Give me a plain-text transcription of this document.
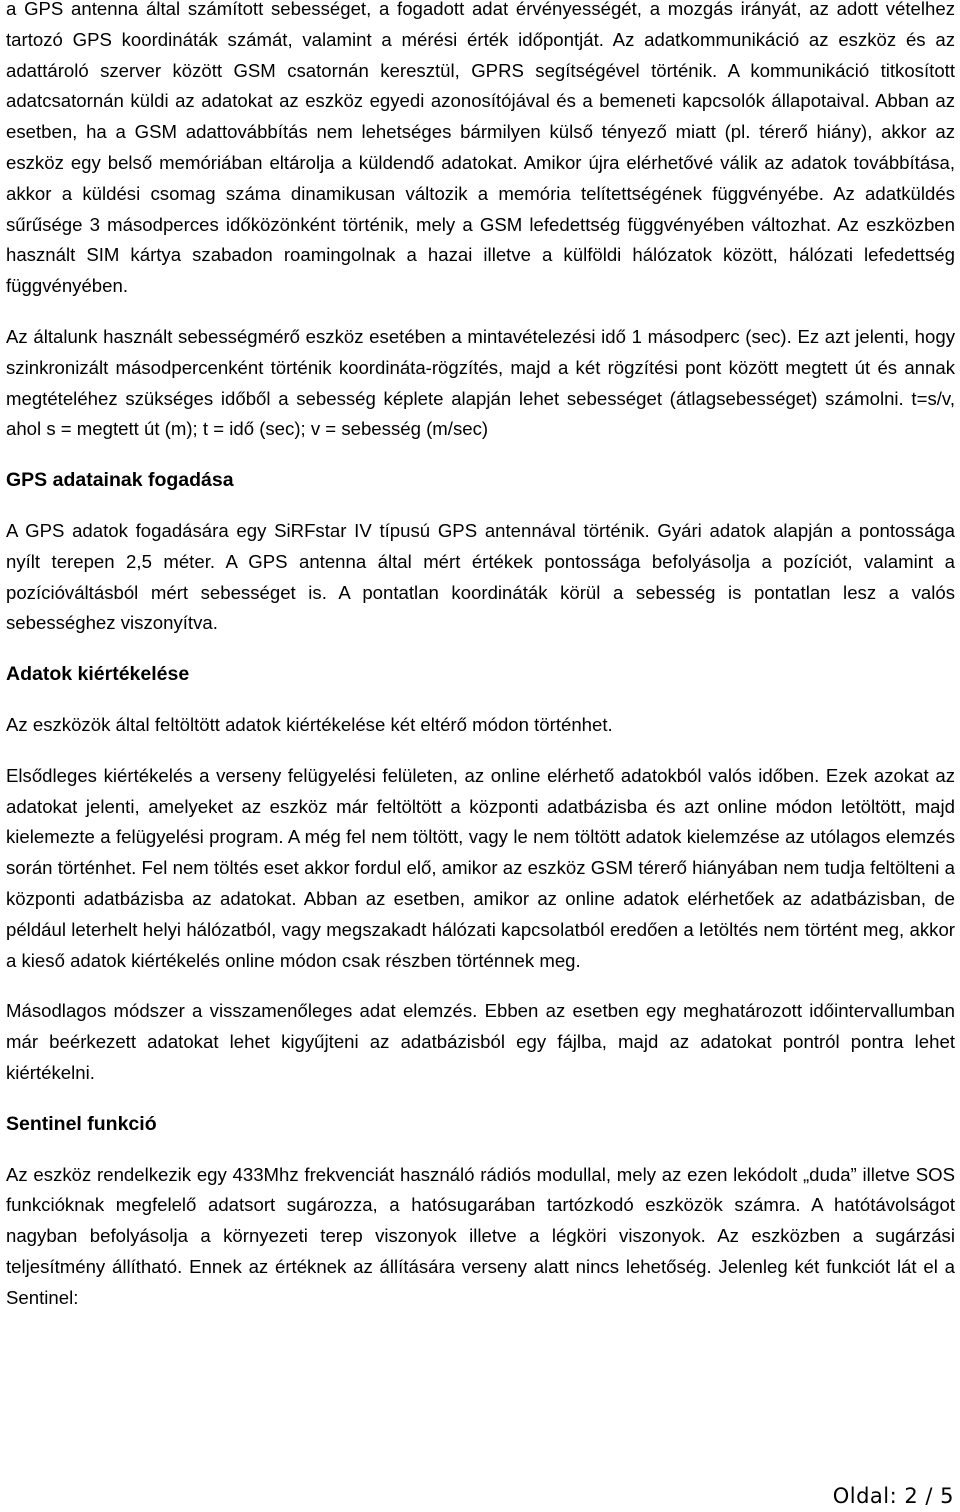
a GPS antenna által számított sebességet, a fogadott adat érvényességét, a mozgás irányát, az adott vételhez tartozó GPS koordináták számát, valamint a mérési érték időpontját. Az adatkommunikáció az eszköz és az adattároló szerver között GSM csatornán keresztül, GPRS segítségével történik. A kommunikáció titkosított adatcsatornán küldi az adatokat az eszköz egyedi azonosítójával és a bemeneti kapcsolók állapotaival. Abban az esetben, ha a GSM adattovábbítás nem lehetséges bármilyen külső tényező miatt (pl. térerő hiány), akkor az eszköz egy belső memóriában eltárolja a küldendő adatokat. Amikor újra elérhetővé válik az adatok továbbítása, akkor a küldési csomag száma dinamikusan változik a memória telítettségének függvényébe. Az adatküldés sűrűsége 3 másodperces időközönként történik, mely a GSM lefedettség függvényében változhat. Az eszközben használt SIM kártya szabadon roamingolnak a hazai illetve a külföldi hálózatok között, hálózati lefedettség függvényében.

Az általunk használt sebességmérő eszköz esetében a mintavételezési idő 1 másodperc (sec). Ez azt jelenti, hogy szinkronizált másodpercenként történik koordináta-rögzítés, majd a két rögzítési pont között megtett út és annak megtételéhez szükséges időből a sebesség képlete alapján lehet sebességet (átlagsebességet) számolni. t=s/v, ahol s = megtett út (m); t = idő (sec); v = sebesség (m/sec)

GPS adatainak fogadása

A GPS adatok fogadására egy SiRFstar IV típusú GPS antennával történik. Gyári adatok alapján a pontossága nyílt terepen 2,5 méter. A GPS antenna által mért értékek pontossága befolyásolja a pozíciót, valamint a pozícióváltásból mért sebességet is. A pontatlan koordináták körül a sebesség is pontatlan lesz a valós sebességhez viszonyítva.

Adatok kiértékelése

Az eszközök által feltöltött adatok kiértékelése két eltérő módon történhet.

Elsődleges kiértékelés a verseny felügyelési felületen, az online elérhető adatokból valós időben. Ezek azokat az adatokat jelenti, amelyeket az eszköz már feltöltött a központi adatbázisba és azt online módon letöltött, majd kielemezte a felügyelési program. A még fel nem töltött, vagy le nem töltött adatok kielemzése az utólagos elemzés során történhet. Fel nem töltés eset akkor fordul elő, amikor az eszköz GSM térerő hiányában nem tudja feltölteni a központi adatbázisba az adatokat. Abban az esetben, amikor az online adatok elérhetőek az adatbázisban, de például leterhelt helyi hálózatból, vagy megszakadt hálózati kapcsolatból eredően a letöltés nem történt meg, akkor a kieső adatok kiértékelés online módon csak részben történnek meg.

Másodlagos módszer a visszamenőleges adat elemzés. Ebben az esetben egy meghatározott időintervallumban már beérkezett adatokat lehet kigyűjteni az adatbázisból egy fájlba, majd az adatokat pontról pontra lehet kiértékelni.

Sentinel funkció

Az eszköz rendelkezik egy 433Mhz frekvenciát használó rádiós modullal, mely az ezen lekódolt „duda” illetve SOS funkcióknak megfelelő adatsort sugározza, a hatósugarában tartózkodó eszközök számra. A hatótávolságot nagyban befolyásolja a környezeti terep viszonyok illetve a légköri viszonyok. Az eszközben a sugárzási teljesítmény állítható. Ennek az értéknek az állítására verseny alatt nincs lehetőség. Jelenleg két funkciót lát el a Sentinel:

Oldal: 2 / 5
